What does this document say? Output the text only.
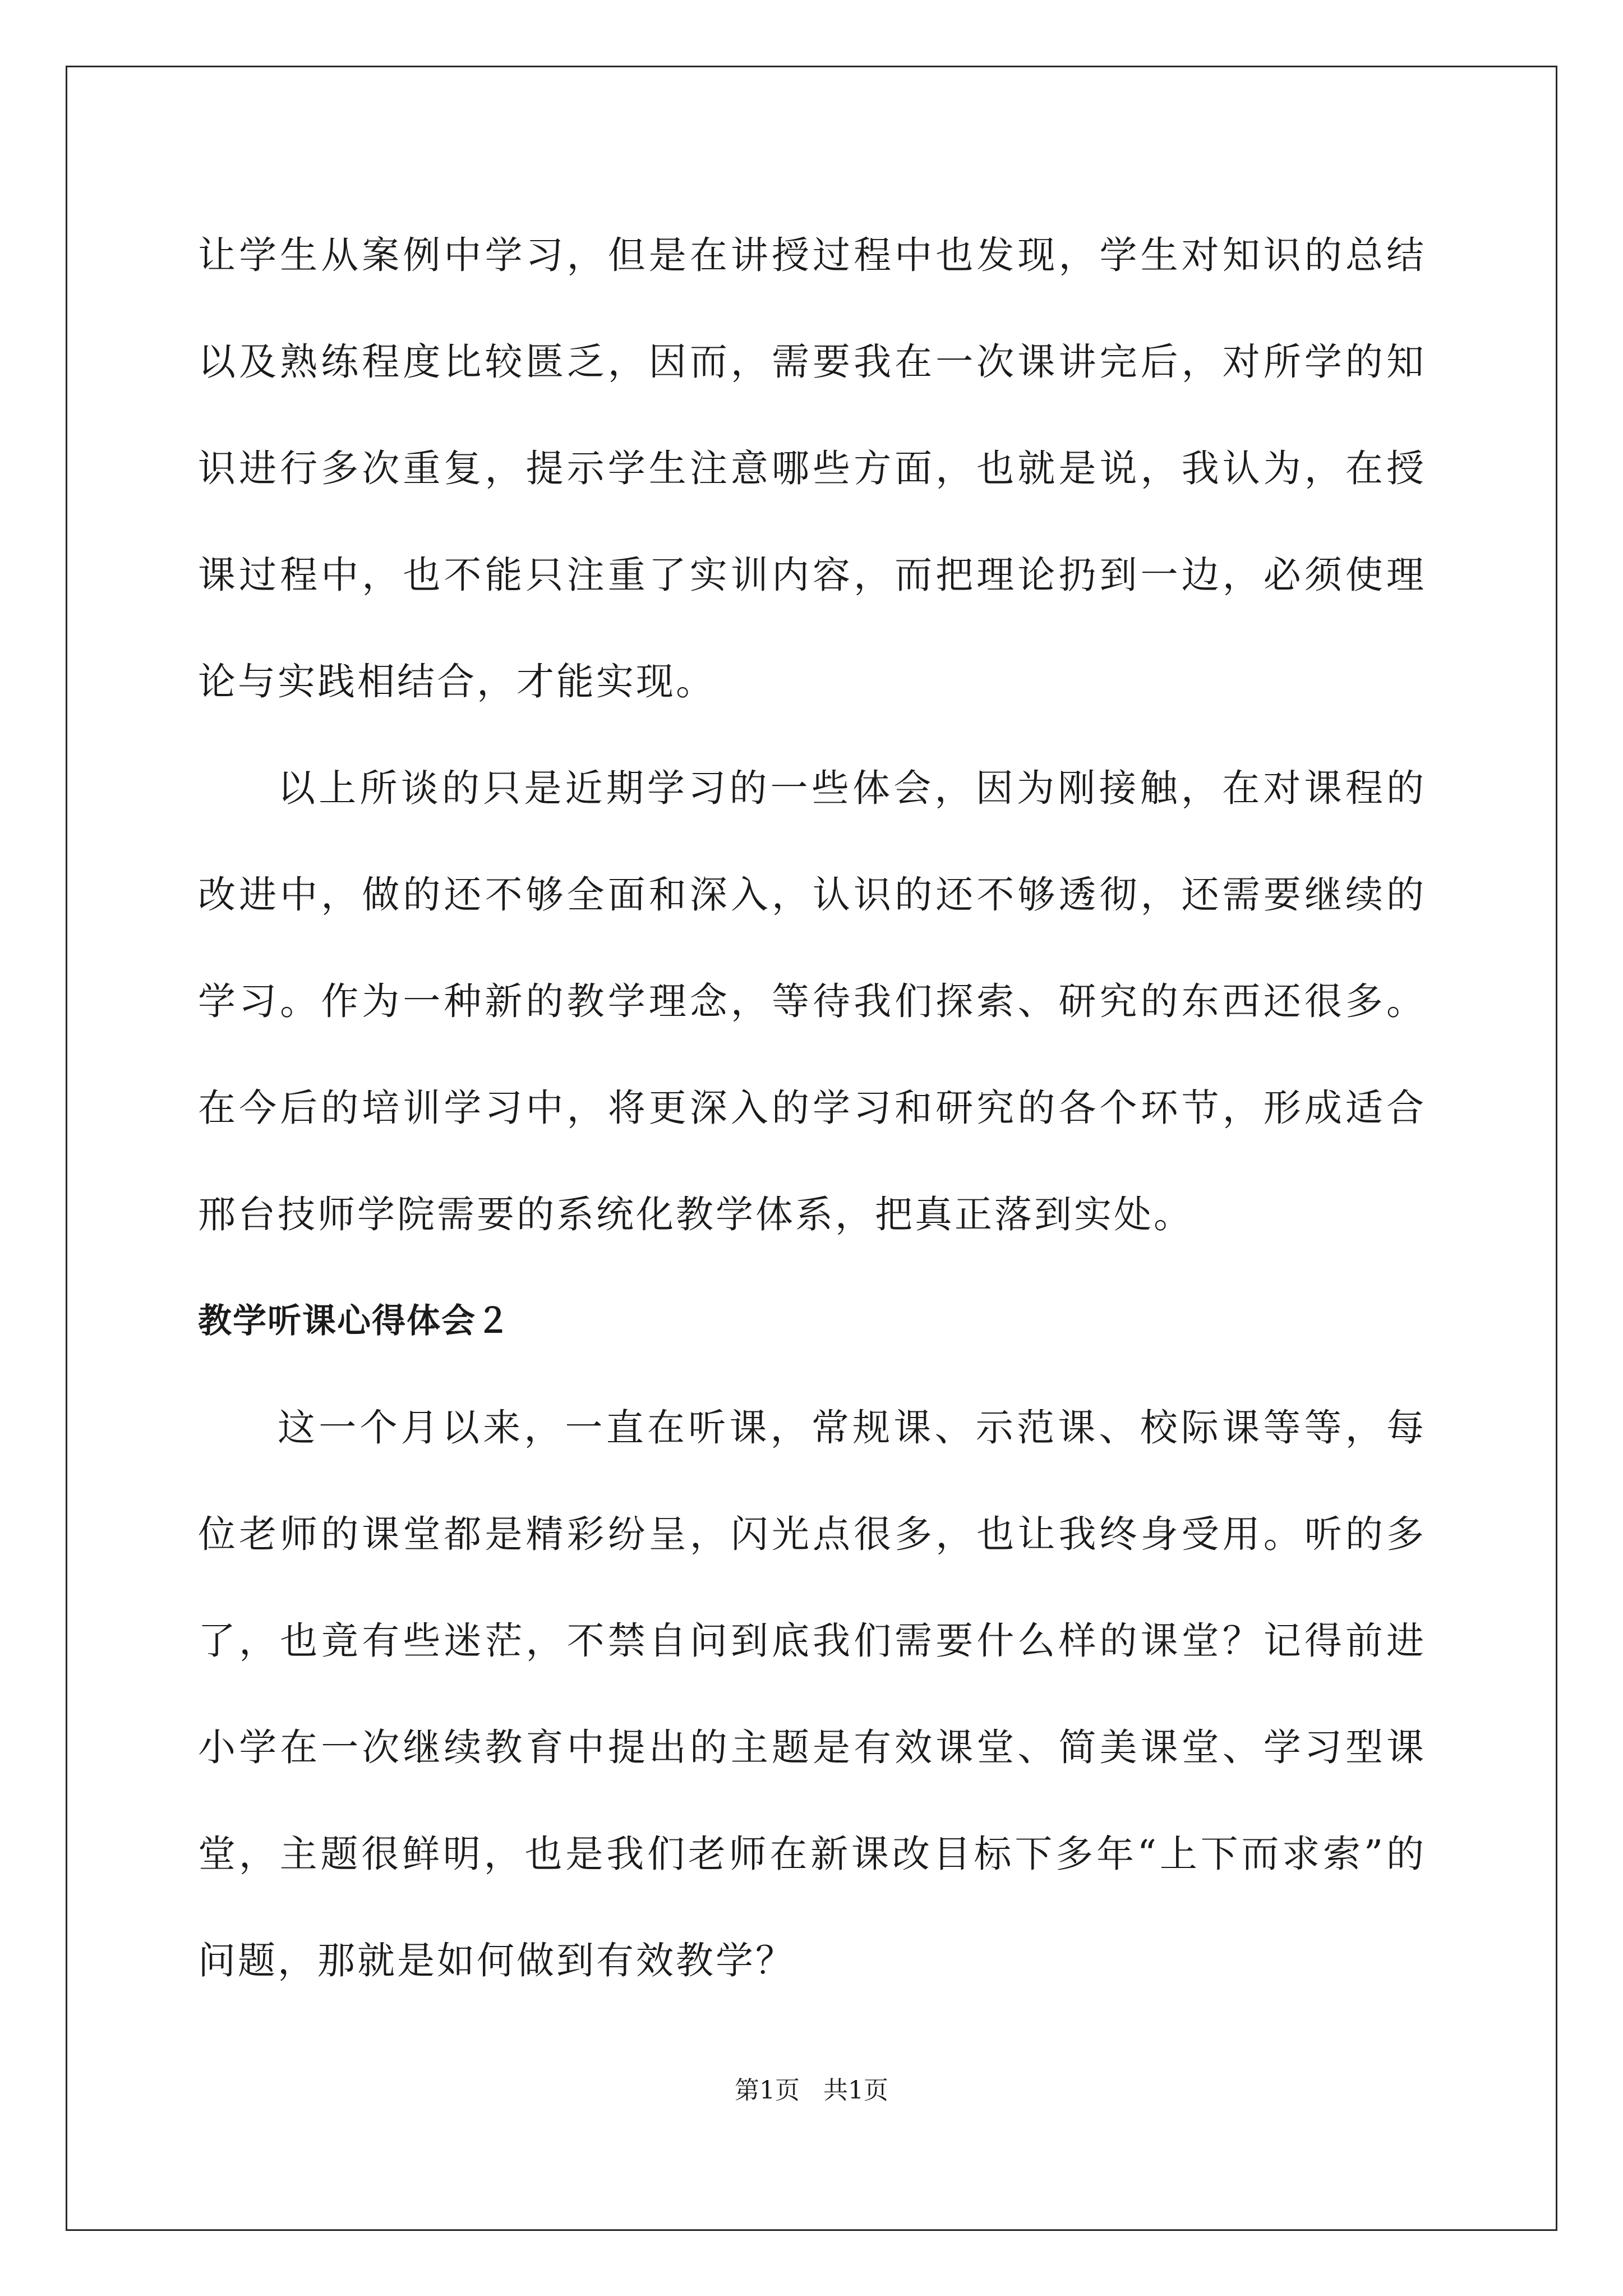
让学生从案例中学习，但是在讲授过程中也发现，学生对知识的总结以及熟练程度比较匮乏，因而，需要我在一次课讲完后，对所学的知识进行多次重复，提示学生注意哪些方面，也就是说，我认为，在授课过程中，也不能只注重了实训内容，而把理论扔到一边，必须使理论与实践相结合，才能实现。

以上所谈的只是近期学习的一些体会，因为刚接触，在对课程的改进中，做的还不够全面和深入，认识的还不够透彻，还需要继续的学习。作为一种新的教学理念，等待我们探索、研究的东西还很多。在今后的培训学习中，将更深入的学习和研究的各个环节，形成适合邢台技师学院需要的系统化教学体系，把真正落到实处。

教学听课心得体会２

这一个月以来，一直在听课，常规课、示范课、校际课等等，每位老师的课堂都是精彩纷呈，闪光点很多，也让我终身受用。听的多了，也竟有些迷茫，不禁自问到底我们需要什么样的课堂？记得前进小学在一次继续教育中提出的主题是有效课堂、简美课堂、学习型课堂，主题很鲜明，也是我们老师在新课改目标下多年“上下而求索”的问题，那就是如何做到有效教学？

第1页 共1页
